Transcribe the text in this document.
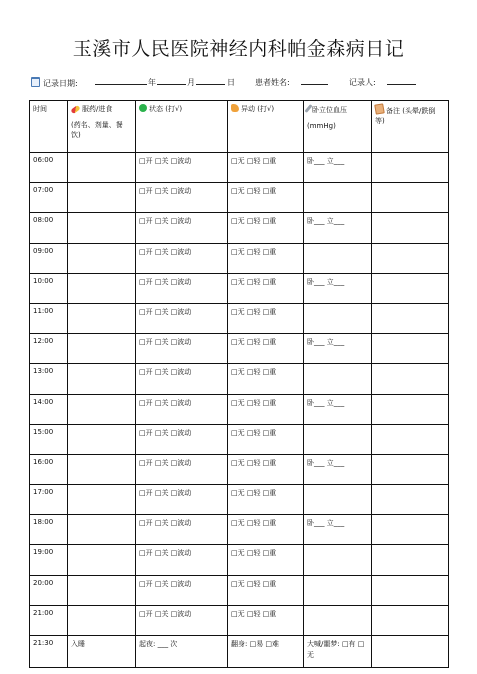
玉溪市人民医院神经内科帕金森病日记
记录日期:	年	月	日	患者姓名:	记录人:
时间	服药/进食
(药名、剂量、餐饮)	状态 (打√)	异动 (打√)	卧立位血压
(mmHg)	备注 (头晕/跌倒等)
06:00		□开 □关 □波动	□无 □轻 □重	卧___ 立___	
07:00		□开 □关 □波动	□无 □轻 □重		
08:00		□开 □关 □波动	□无 □轻 □重	卧___ 立___	
09:00		□开 □关 □波动	□无 □轻 □重		
10:00		□开 □关 □波动	□无 □轻 □重	卧___ 立___	
11:00		□开 □关 □波动	□无 □轻 □重		
12:00		□开 □关 □波动	□无 □轻 □重	卧___ 立___	
13:00		□开 □关 □波动	□无 □轻 □重		
14:00		□开 □关 □波动	□无 □轻 □重	卧___ 立___	
15:00		□开 □关 □波动	□无 □轻 □重		
16:00		□开 □关 □波动	□无 □轻 □重	卧___ 立___	
17:00		□开 □关 □波动	□无 □轻 □重		
18:00		□开 □关 □波动	□无 □轻 □重	卧___ 立___	
19:00		□开 □关 □波动	□无 □轻 □重		
20:00		□开 □关 □波动	□无 □轻 □重		
21:00		□开 □关 □波动	□无 □轻 □重		
21:30	入睡	起夜: ___ 次	翻身: □易 □难	大喊/噩梦: □有 □无	
